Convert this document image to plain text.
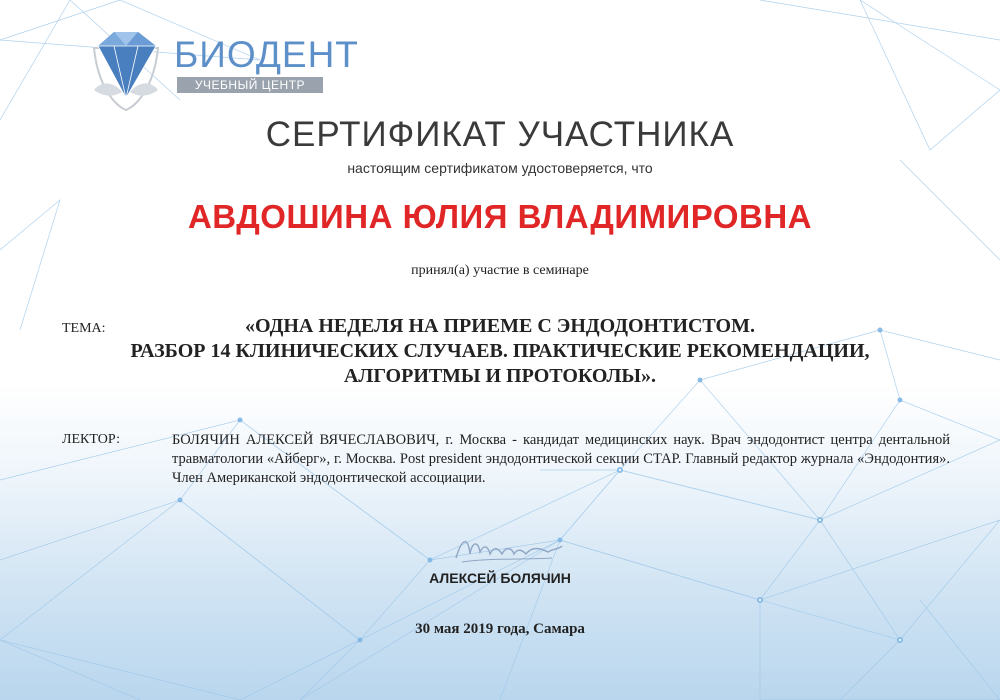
БИОДЕНТ
УЧЕБНЫЙ ЦЕНТР
СЕРТИФИКАТ УЧАСТНИКА
настоящим сертификатом удостоверяется, что
АВДОШИНА ЮЛИЯ ВЛАДИМИРОВНА
принял(а) участие в семинаре
ТЕМА:	«ОДНА НЕДЕЛЯ НА ПРИЕМЕ С ЭНДОДОНТИСТОМ.
РАЗБОР 14 КЛИНИЧЕСКИХ СЛУЧАЕВ. ПРАКТИЧЕСКИЕ РЕКОМЕНДАЦИИ,
АЛГОРИТМЫ И ПРОТОКОЛЫ».
ЛЕКТОР:	БОЛЯЧИН АЛЕКСЕЙ ВЯЧЕСЛАВОВИЧ, г. Москва - кандидат медицинских наук. Врач эндодонтист центра дентальной травматологии «Айберг», г. Москва. Post president эндодонтической секции СТАР. Главный редактор журнала «Эндодонтия». Член Американской эндодонтической ассоциации.
АЛЕКСЕЙ БОЛЯЧИН
30 мая 2019 года, Самара
